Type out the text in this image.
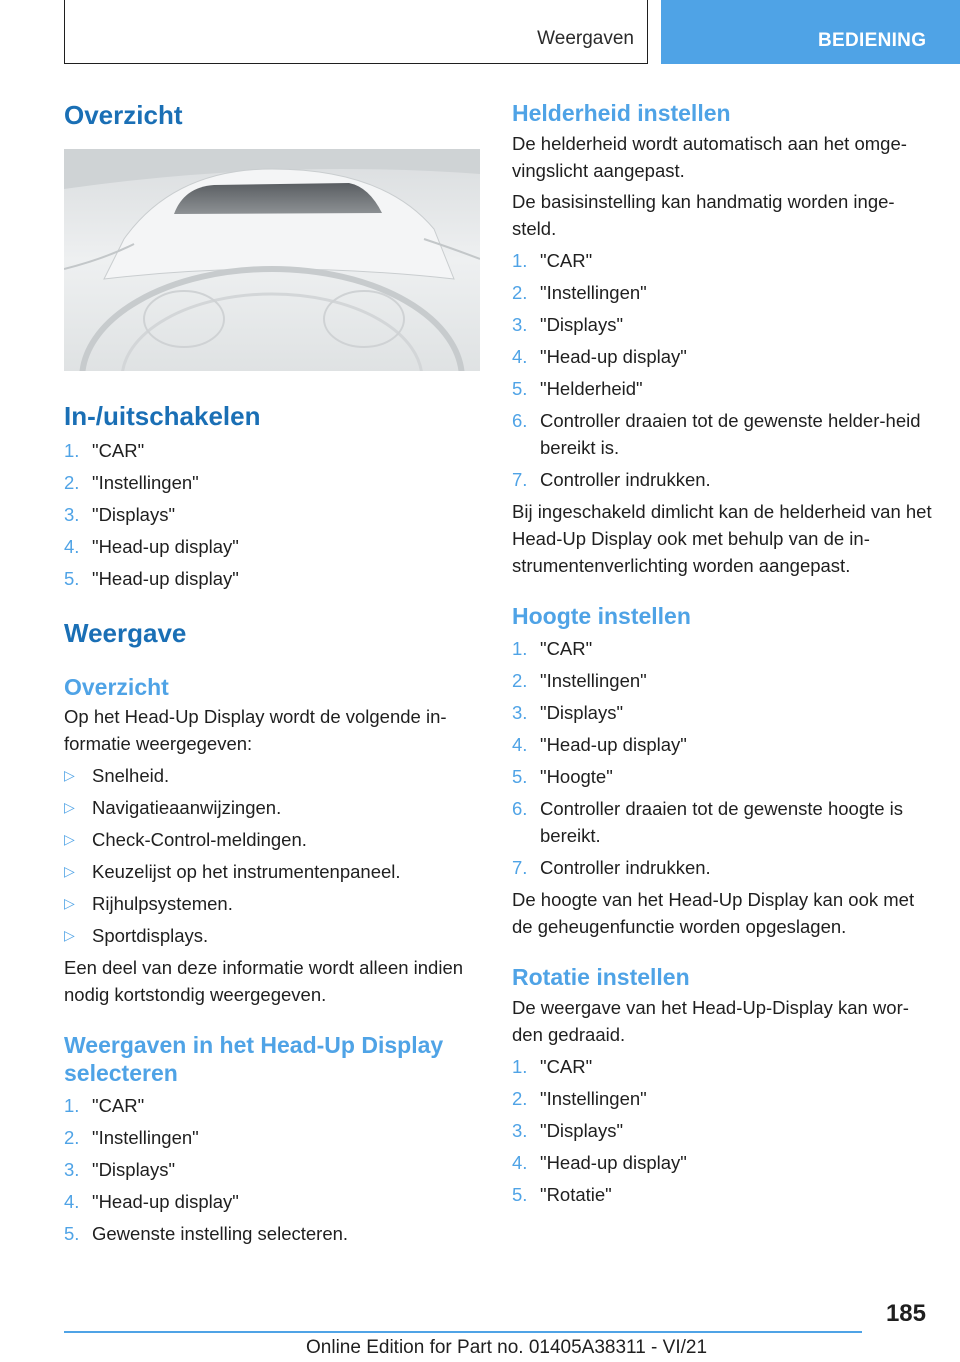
Weergaven	BEDIENING
Overzicht
In-/uitschakelen
1. "CAR"
2. "Instellingen"
3. "Displays"
4. "Head-up display"
5. "Head-up display"
Weergave
Overzicht

Op het Head-Up Display wordt de volgende in-formatie weergegeven:

▷ Snelheid.
▷ Navigatieaanwijzingen.
▷ Check-Control-meldingen.
▷ Keuzelijst op het instrumentenpaneel.
▷ Rijhulpsystemen.
▷ Sportdisplays.

Een deel van deze informatie wordt alleen indien nodig kortstondig weergegeven.

Weergaven in het Head-Up Display selecteren
1. "CAR"
2. "Instellingen"
3. "Displays"
4. "Head-up display"
5. Gewenste instelling selecteren.
Helderheid instellen

De helderheid wordt automatisch aan het omge-vingslicht aangepast.

De basisinstelling kan handmatig worden inge-steld.

1. "CAR"
2. "Instellingen"
3. "Displays"
4. "Head-up display"
5. "Helderheid"
6. Controller draaien tot de gewenste helder-heid bereikt is.
7. Controller indrukken.

Bij ingeschakeld dimlicht kan de helderheid van het Head-Up Display ook met behulp van de in-strumentenverlichting worden aangepast.

Hoogte instellen
1. "CAR"
2. "Instellingen"
3. "Displays"
4. "Head-up display"
5. "Hoogte"
6. Controller draaien tot de gewenste hoogte is bereikt.
7. Controller indrukken.

De hoogte van het Head-Up Display kan ook met de geheugenfunctie worden opgeslagen.

Rotatie instellen

De weergave van het Head-Up-Display kan wor-den gedraaid.

1. "CAR"
2. "Instellingen"
3. "Displays"
4. "Head-up display"
5. "Rotatie"
185
Online Edition for Part no. 01405A38311 - VI/21
